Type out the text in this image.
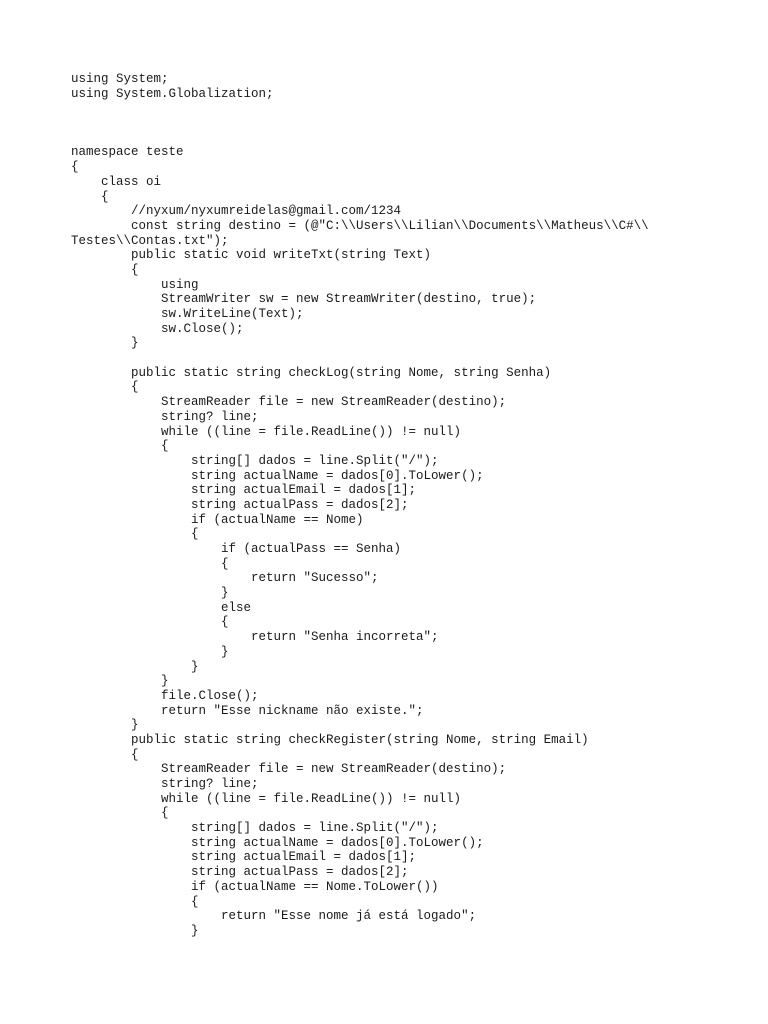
using System;
using System.Globalization;
namespace teste
{
class oi
{
//nyxum/nyxumreidelas@gmail.com/1234
const string destino = (@"C:\\Users\\Lilian\\Documents\\Matheus\\C#\\
Testes\\Contas.txt");
public static void writeTxt(string Text)
{
using
StreamWriter sw = new StreamWriter(destino, true);
sw.WriteLine(Text);
sw.Close();
}
public static string checkLog(string Nome, string Senha)
{
StreamReader file = new StreamReader(destino);
string? line;
while ((line = file.ReadLine()) != null)
{
string[] dados = line.Split("/");
string actualName = dados[0].ToLower();
string actualEmail = dados[1];
string actualPass = dados[2];
if (actualName == Nome)
{
if (actualPass == Senha)
{
return "Sucesso";
}
else
{
return "Senha incorreta";
}
}
}
file.Close();
return "Esse nickname não existe.";
}
public static string checkRegister(string Nome, string Email)
{
StreamReader file = new StreamReader(destino);
string? line;
while ((line = file.ReadLine()) != null)
{
string[] dados = line.Split("/");
string actualName = dados[0].ToLower();
string actualEmail = dados[1];
string actualPass = dados[2];
if (actualName == Nome.ToLower())
{
return "Esse nome já está logado";
}
